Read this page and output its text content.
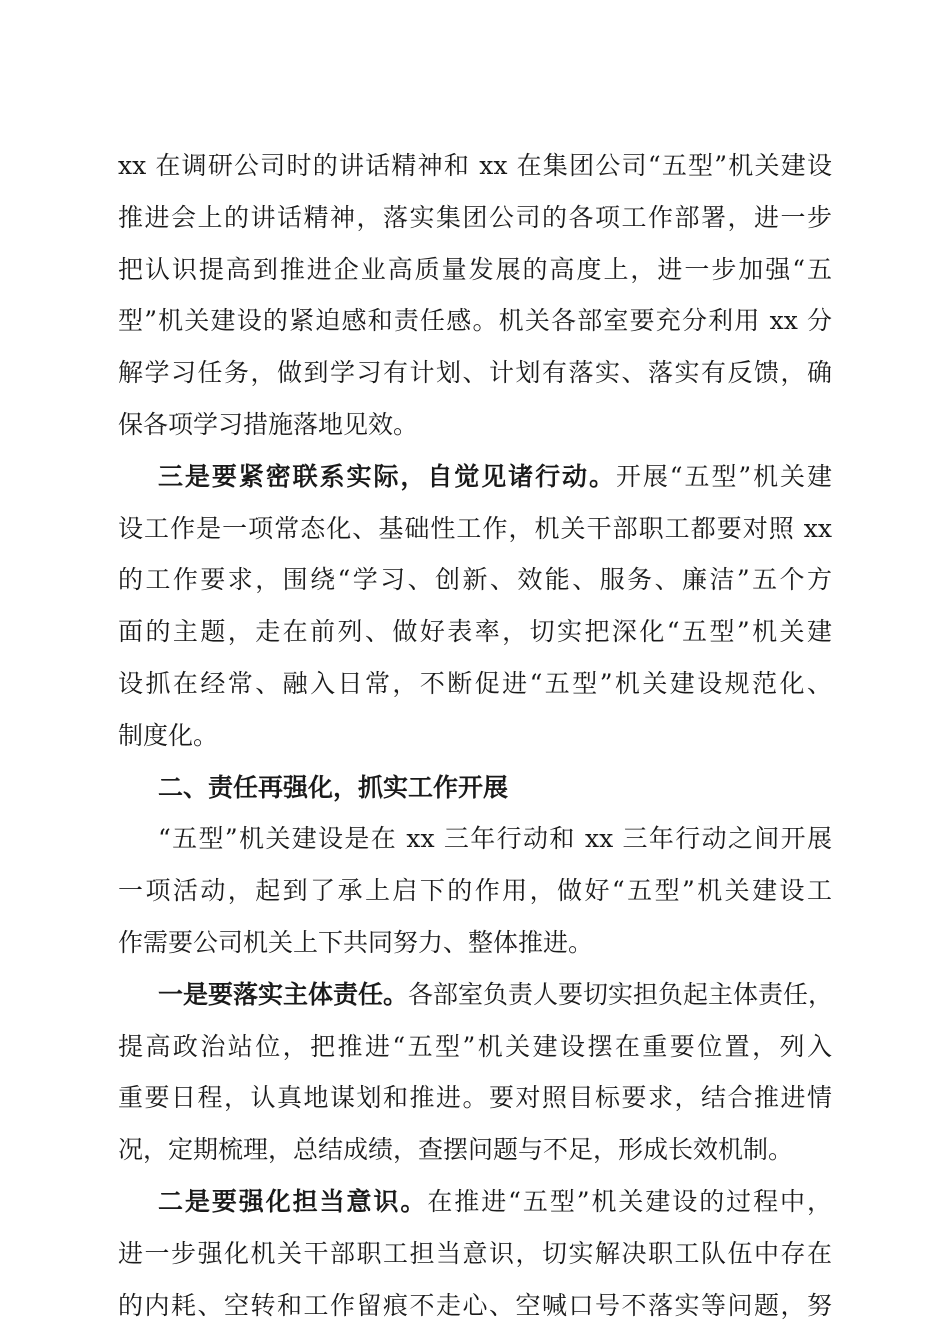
xx 在调研公司时的讲话精神和 xx 在集团公司“五型”机关建设
推进会上的讲话精神，落实集团公司的各项工作部署，进一步
把认识提高到推进企业高质量发展的高度上，进一步加强“五
型”机关建设的紧迫感和责任感。机关各部室要充分利用 xx 分
解学习任务，做到学习有计划、计划有落实、落实有反馈，确
保各项学习措施落地见效。
三是要紧密联系实际，自觉见诸行动。开展“五型”机关建
设工作是一项常态化、基础性工作，机关干部职工都要对照 xx
的工作要求，围绕“学习、创新、效能、服务、廉洁”五个方
面的主题，走在前列、做好表率，切实把深化“五型”机关建
设抓在经常、融入日常，不断促进“五型”机关建设规范化、
制度化。
二、责任再强化，抓实工作开展
“五型”机关建设是在 xx 三年行动和 xx 三年行动之间开展
一项活动，起到了承上启下的作用，做好“五型”机关建设工
作需要公司机关上下共同努力、整体推进。
一是要落实主体责任。各部室负责人要切实担负起主体责任，
提高政治站位，把推进“五型”机关建设摆在重要位置，列入
重要日程，认真地谋划和推进。要对照目标要求，结合推进情
况，定期梳理，总结成绩，查摆问题与不足，形成长效机制。
二是要强化担当意识。在推进“五型”机关建设的过程中，
进一步强化机关干部职工担当意识，切实解决职工队伍中存在
的内耗、空转和工作留痕不走心、空喊口号不落实等问题，努
